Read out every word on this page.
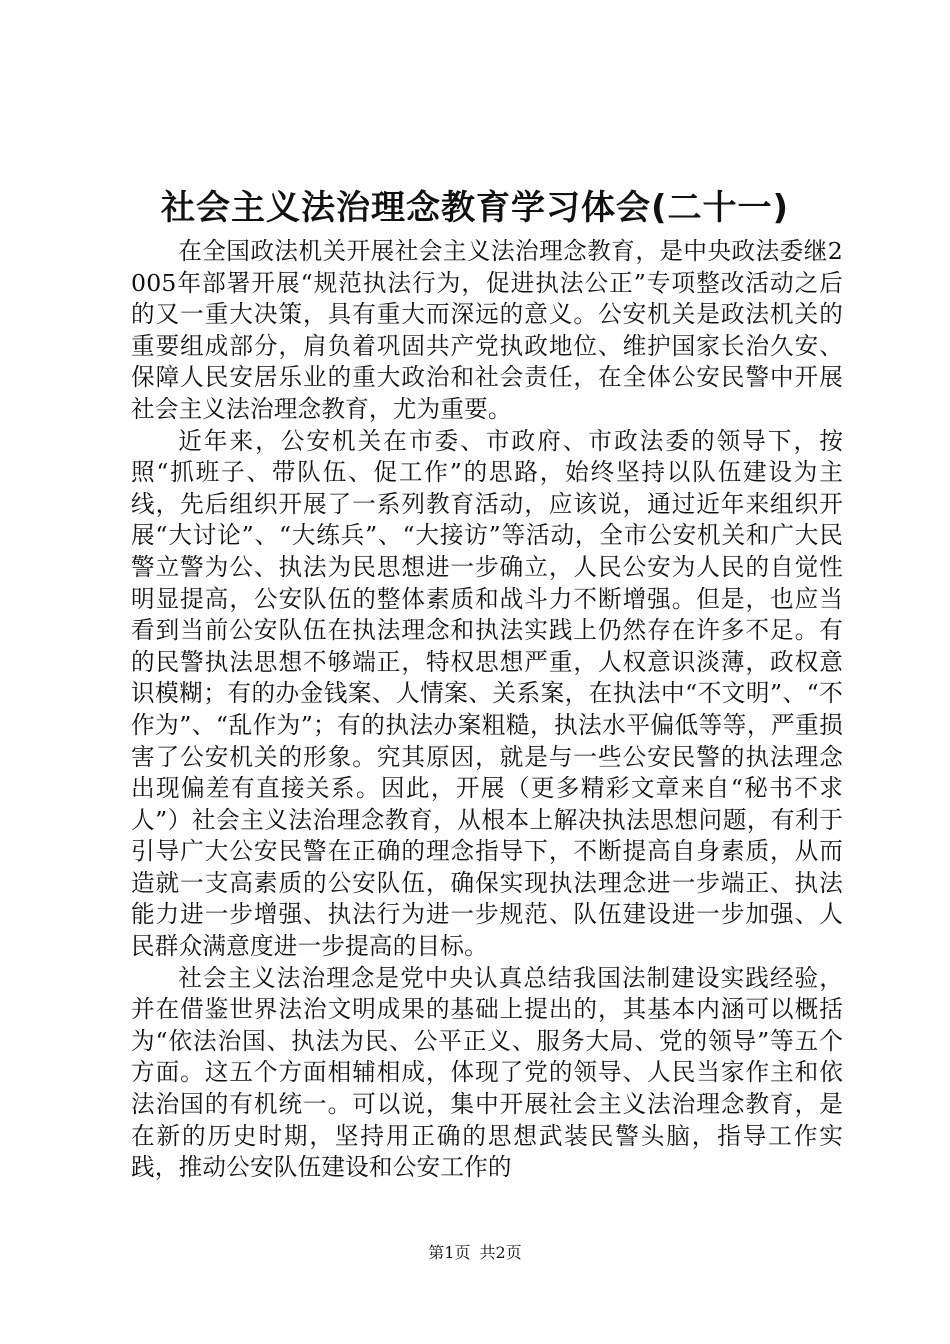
社会主义法治理念教育学习体会(二十一)

在全国政法机关开展社会主义法治理念教育，是中央政法委继2005年部署开展“规范执法行为，促进执法公正”专项整改活动之后的又一重大决策，具有重大而深远的意义。公安机关是政法机关的重要组成部分，肩负着巩固共产党执政地位、维护国家长治久安、保障人民安居乐业的重大政治和社会责任，在全体公安民警中开展社会主义法治理念教育，尤为重要。

近年来，公安机关在市委、市政府、市政法委的领导下，按照“抓班子、带队伍、促工作”的思路，始终坚持以队伍建设为主线，先后组织开展了一系列教育活动，应该说，通过近年来组织开展“大讨论”、“大练兵”、“大接访”等活动，全市公安机关和广大民警立警为公、执法为民思想进一步确立，人民公安为人民的自觉性明显提高，公安队伍的整体素质和战斗力不断增强。但是，也应当看到当前公安队伍在执法理念和执法实践上仍然存在许多不足。有的民警执法思想不够端正，特权思想严重，人权意识淡薄，政权意识模糊；有的办金钱案、人情案、关系案，在执法中“不文明”、“不作为”、“乱作为”；有的执法办案粗糙，执法水平偏低等等，严重损害了公安机关的形象。究其原因，就是与一些公安民警的执法理念出现偏差有直接关系。因此，开展（更多精彩文章来自“秘书不求人”）社会主义法治理念教育，从根本上解决执法思想问题，有利于引导广大公安民警在正确的理念指导下，不断提高自身素质，从而造就一支高素质的公安队伍，确保实现执法理念进一步端正、执法能力进一步增强、执法行为进一步规范、队伍建设进一步加强、人民群众满意度进一步提高的目标。

社会主义法治理念是党中央认真总结我国法制建设实践经验，并在借鉴世界法治文明成果的基础上提出的，其基本内涵可以概括为“依法治国、执法为民、公平正义、服务大局、党的领导”等五个方面。这五个方面相辅相成，体现了党的领导、人民当家作主和依法治国的有机统一。可以说，集中开展社会主义法治理念教育，是在新的历史时期，坚持用正确的思想武装民警头脑，指导工作实践，推动公安队伍建设和公安工作的

第1页 共2页
